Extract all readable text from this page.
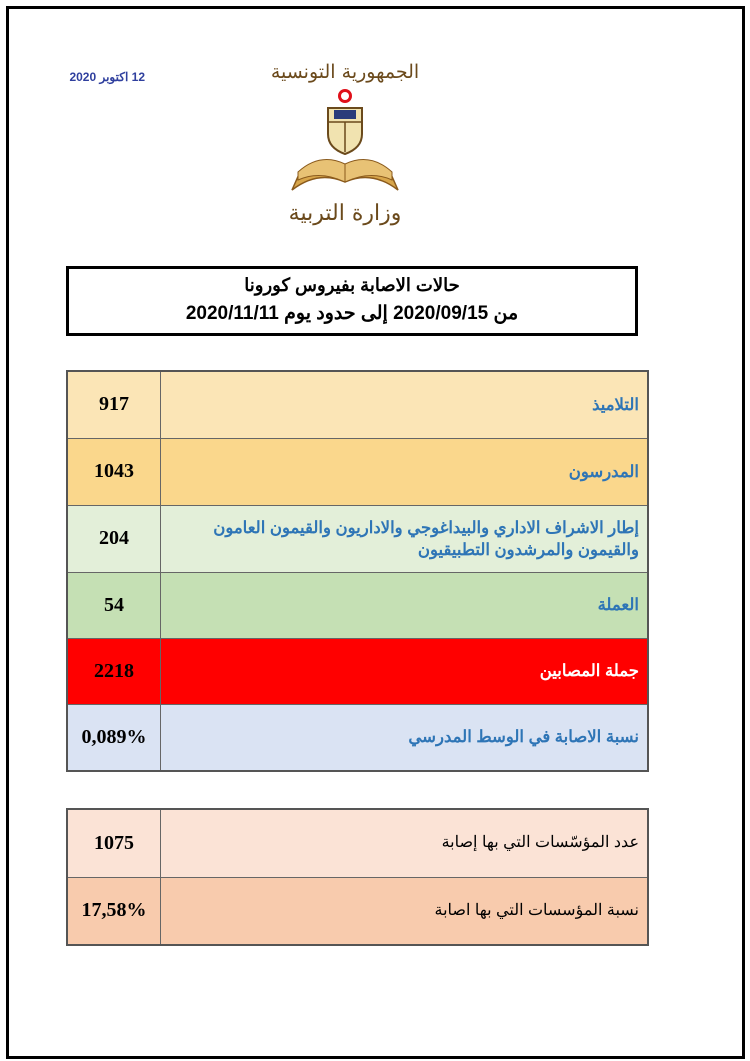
12 اكتوبر 2020	الجمهورية التونسية
وزارة التربية
حالات الاصابة بفيروس كورونا
من 2020/09/15 إلى حدود يوم 2020/11/11
917	التلاميذ
1043	المدرسون
204	إطار الاشراف الاداري والبيداغوجي والاداريون والقيمون العامون والقيمون والمرشدون التطبيقيون
54	العملة
2218	جملة المصابين
0,089%	نسبة الاصابة في الوسط المدرسي
1075	عدد المؤسّسات التي بها إصابة
17,58%	نسبة المؤسسات التي بها اصابة
